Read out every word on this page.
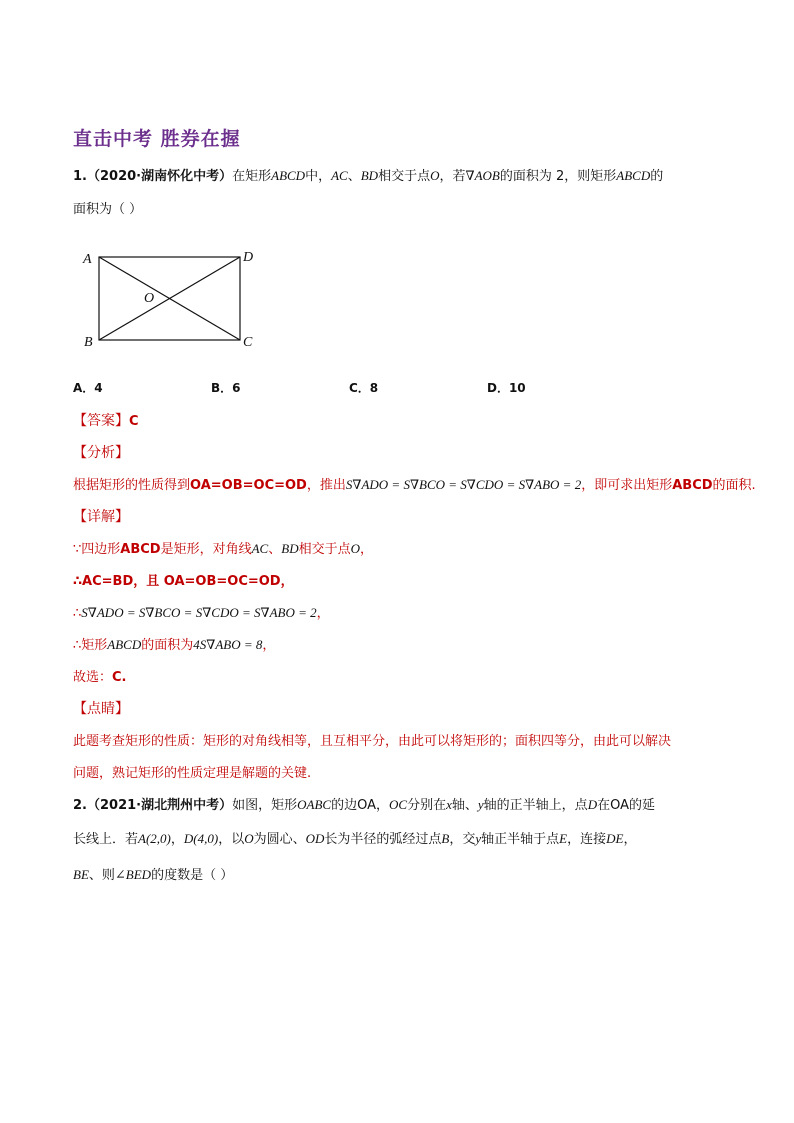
直击中考 胜券在握
1.（2020·湖南怀化中考）在矩形ABCD中，AC、BD相交于点O，若∇AOB的面积为 2，则矩形ABCD的
面积为（ ）
A	D
O
B	C
A．4	B．6	C．8	D．10
【答案】C
【分析】
根据矩形的性质得到OA=OB=OC=OD，推出S∇ADO = S∇BCO = S∇CDO = S∇ABO = 2，即可求出矩形ABCD的面积.
【详解】
∵四边形ABCD是矩形，对角线AC、BD相交于点O，
∴AC=BD，且 OA=OB=OC=OD，
∴S∇ADO = S∇BCO = S∇CDO = S∇ABO = 2，
∴矩形ABCD的面积为4S∇ABO = 8，
故选：C.
【点睛】
此题考查矩形的性质：矩形的对角线相等，且互相平分，由此可以将矩形的；面积四等分，由此可以解决
问题，熟记矩形的性质定理是解题的关键.
2.（2021·湖北荆州中考）如图，矩形OABC的边OA，OC分别在x轴、y轴的正半轴上，点D在OA的延
长线上．若A(2,0)，D(4,0)，以O为圆心、OD长为半径的弧经过点B，交y轴正半轴于点E，连接DE，
BE、则∠BED的度数是（ ）
